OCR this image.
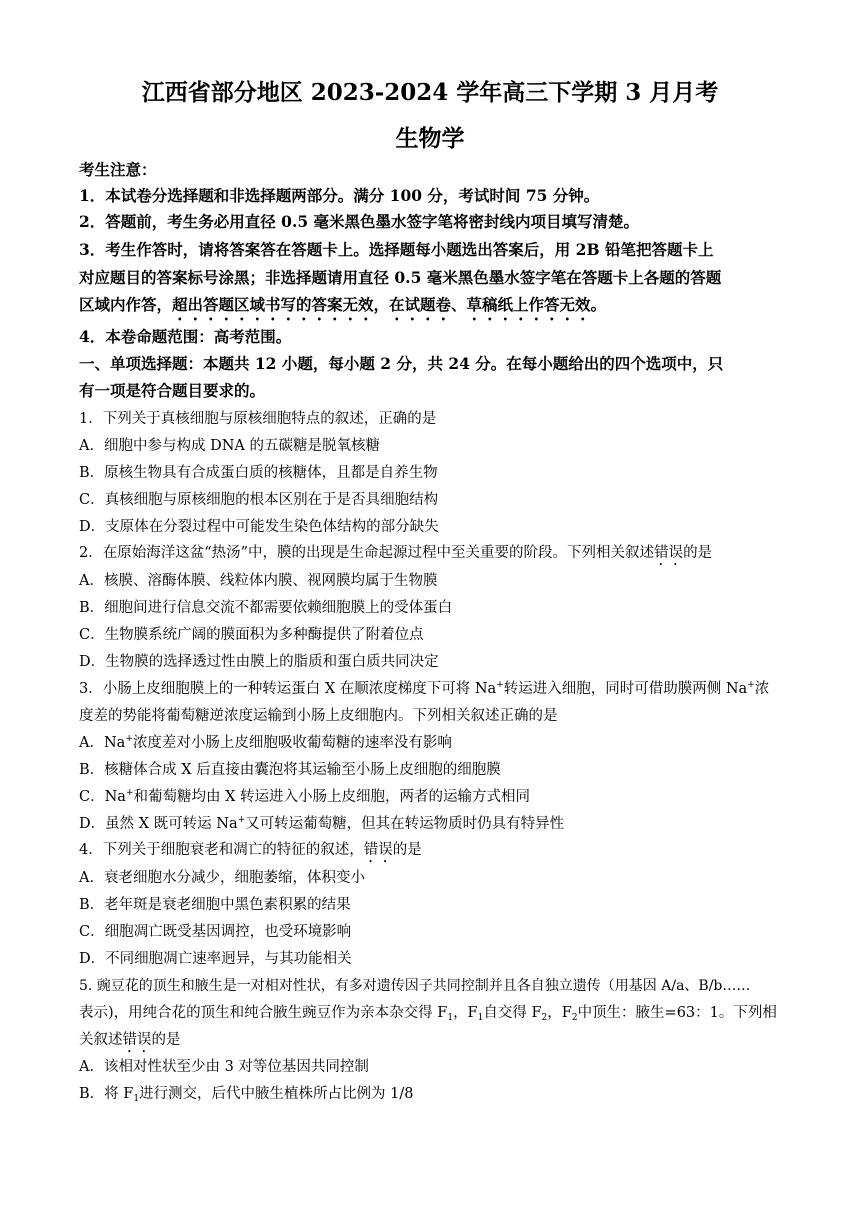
江西省部分地区 2023-2024 学年高三下学期 3 月月考
生物学
考生注意：
1．本试卷分选择题和非选择题两部分。满分 100 分，考试时间 75 分钟。
2．答题前，考生务必用直径 0.5 毫米黑色墨水签字笔将密封线内项目填写清楚。
3．考生作答时，请将答案答在答题卡上。选择题每小题选出答案后，用 2B 铅笔把答题卡上
对应题目的答案标号涂黑；非选择题请用直径 0.5 毫米黑色墨水签字笔在答题卡上各题的答题
区域内作答，超出答题区域书写的答案无效，在试题卷、草稿纸上作答无效。
4．本卷命题范围：高考范围。
一、单项选择题：本题共 12 小题，每小题 2 分，共 24 分。在每小题给出的四个选项中，只
有一项是符合题目要求的。
1．下列关于真核细胞与原核细胞特点的叙述，正确的是
A．细胞中参与构成 DNA 的五碳糖是脱氧核糖
B．原核生物具有合成蛋白质的核糖体，且都是自养生物
C．真核细胞与原核细胞的根本区别在于是否具细胞结构
D．支原体在分裂过程中可能发生染色体结构的部分缺失
2．在原始海洋这盆“热汤”中，膜的出现是生命起源过程中至关重要的阶段。下列相关叙述错误的是
A．核膜、溶酶体膜、线粒体内膜、视网膜均属于生物膜
B．细胞间进行信息交流不都需要依赖细胞膜上的受体蛋白
C．生物膜系统广阔的膜面积为多种酶提供了附着位点
D．生物膜的选择透过性由膜上的脂质和蛋白质共同决定
3．小肠上皮细胞膜上的一种转运蛋白 X 在顺浓度梯度下可将 Na+转运进入细胞，同时可借助膜两侧 Na+浓
度差的势能将葡萄糖逆浓度运输到小肠上皮细胞内。下列相关叙述正确的是
A．Na+浓度差对小肠上皮细胞吸收葡萄糖的速率没有影响
B．核糖体合成 X 后直接由囊泡将其运输至小肠上皮细胞的细胞膜
C．Na+和葡萄糖均由 X 转运进入小肠上皮细胞，两者的运输方式相同
D．虽然 X 既可转运 Na+又可转运葡萄糖，但其在转运物质时仍具有特异性
4．下列关于细胞衰老和凋亡的特征的叙述，错误的是
A．衰老细胞水分减少，细胞萎缩，体积变小
B．老年斑是衰老细胞中黑色素积累的结果
C．细胞凋亡既受基因调控，也受环境影响
D．不同细胞凋亡速率迥异，与其功能相关
5. 豌豆花的顶生和腋生是一对相对性状，有多对遗传因子共同控制并且各自独立遗传（用基因 A/a、B/b……
表示)，用纯合花的顶生和纯合腋生豌豆作为亲本杂交得 $F_1$，$F_1$自交得 $F_2$，$F_2$中顶生：腋生=63：1。下列相
关叙述错误的是
A．该相对性状至少由 3 对等位基因共同控制
B．将 $F_1$进行测交，后代中腋生植株所占比例为 1/8
